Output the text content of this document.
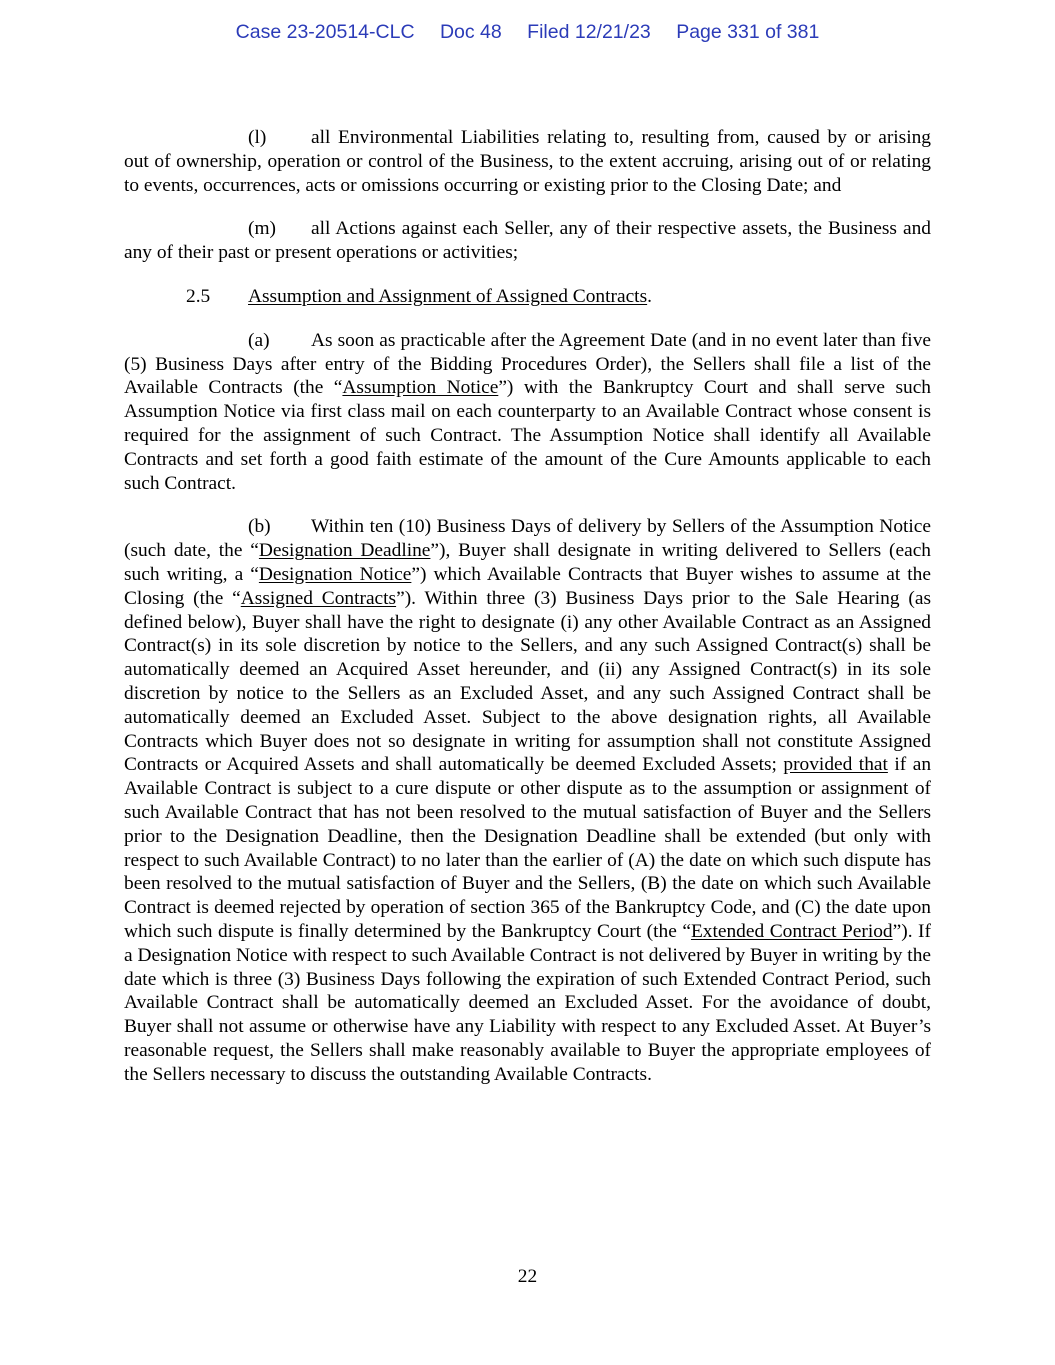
Case 23-20514-CLC Doc 48 Filed 12/21/23 Page 331 of 381

(l) all Environmental Liabilities relating to, resulting from, caused by or arising out of ownership, operation or control of the Business, to the extent accruing, arising out of or relating to events, occurrences, acts or omissions occurring or existing prior to the Closing Date; and

(m) all Actions against each Seller, any of their respective assets, the Business and any of their past or present operations or activities;

2.5 Assumption and Assignment of Assigned Contracts.

(a) As soon as practicable after the Agreement Date (and in no event later than five (5) Business Days after entry of the Bidding Procedures Order), the Sellers shall file a list of the Available Contracts (the “Assumption Notice”) with the Bankruptcy Court and shall serve such Assumption Notice via first class mail on each counterparty to an Available Contract whose consent is required for the assignment of such Contract. The Assumption Notice shall identify all Available Contracts and set forth a good faith estimate of the amount of the Cure Amounts applicable to each such Contract.

(b) Within ten (10) Business Days of delivery by Sellers of the Assumption Notice (such date, the “Designation Deadline”), Buyer shall designate in writing delivered to Sellers (each such writing, a “Designation Notice”) which Available Contracts that Buyer wishes to assume at the Closing (the “Assigned Contracts”). Within three (3) Business Days prior to the Sale Hearing (as defined below), Buyer shall have the right to designate (i) any other Available Contract as an Assigned Contract(s) in its sole discretion by notice to the Sellers, and any such Assigned Contract(s) shall be automatically deemed an Acquired Asset hereunder, and (ii) any Assigned Contract(s) in its sole discretion by notice to the Sellers as an Excluded Asset, and any such Assigned Contract shall be automatically deemed an Excluded Asset. Subject to the above designation rights, all Available Contracts which Buyer does not so designate in writing for assumption shall not constitute Assigned Contracts or Acquired Assets and shall automatically be deemed Excluded Assets; provided that if an Available Contract is subject to a cure dispute or other dispute as to the assumption or assignment of such Available Contract that has not been resolved to the mutual satisfaction of Buyer and the Sellers prior to the Designation Deadline, then the Designation Deadline shall be extended (but only with respect to such Available Contract) to no later than the earlier of (A) the date on which such dispute has been resolved to the mutual satisfaction of Buyer and the Sellers, (B) the date on which such Available Contract is deemed rejected by operation of section 365 of the Bankruptcy Code, and (C) the date upon which such dispute is finally determined by the Bankruptcy Court (the “Extended Contract Period”). If a Designation Notice with respect to such Available Contract is not delivered by Buyer in writing by the date which is three (3) Business Days following the expiration of such Extended Contract Period, such Available Contract shall be automatically deemed an Excluded Asset. For the avoidance of doubt, Buyer shall not assume or otherwise have any Liability with respect to any Excluded Asset. At Buyer’s reasonable request, the Sellers shall make reasonably available to Buyer the appropriate employees of the Sellers necessary to discuss the outstanding Available Contracts.

22
